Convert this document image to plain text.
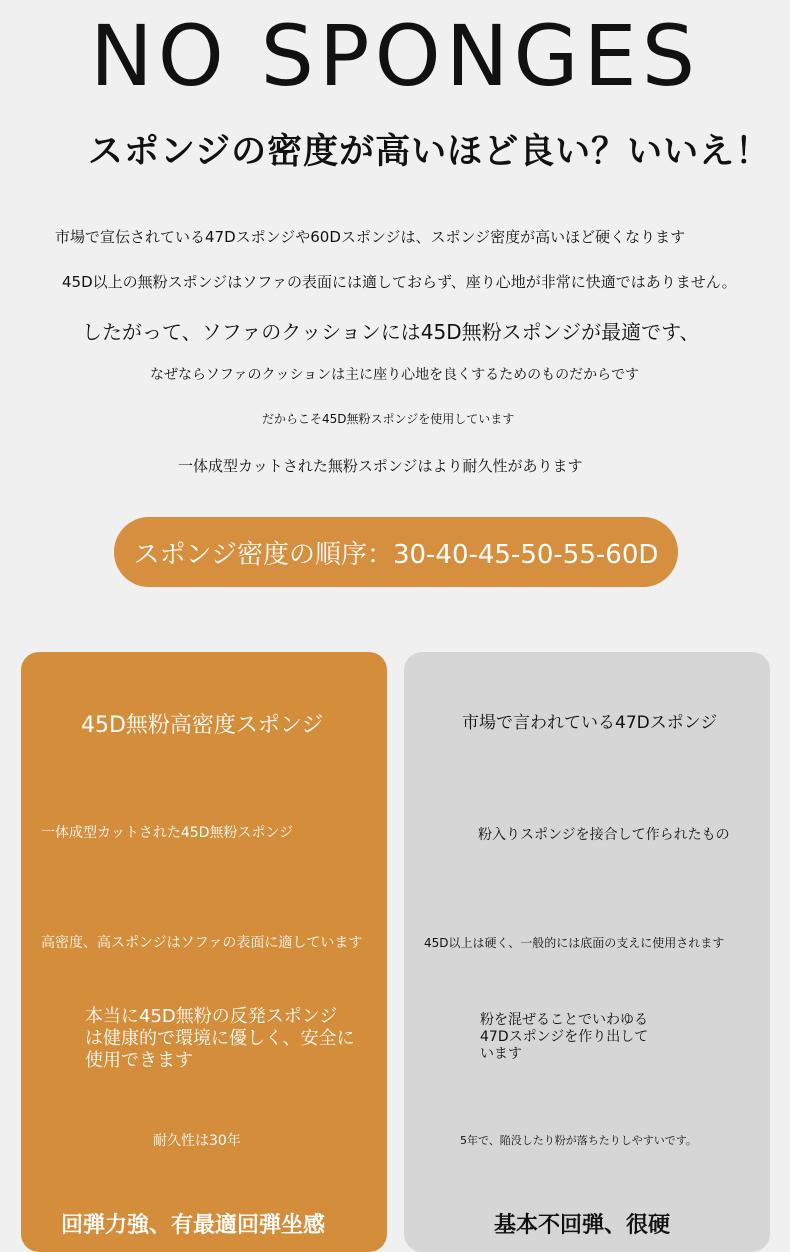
NO SPONGES
スポンジの密度が高いほど良い？いいえ！
市場で宣伝されている47Dスポンジや60Dスポンジは、スポンジ密度が高いほど硬くなります
45D以上の無粉スポンジはソファの表面には適しておらず、座り心地が非常に快適ではありません。
したがって、ソファのクッションには45D無粉スポンジが最適です、
なぜならソファのクッションは主に座り心地を良くするためのものだからです
だからこそ45D無粉スポンジを使用しています
一体成型カットされた無粉スポンジはより耐久性があります
スポンジ密度の順序：30-40-45-50-55-60D
45D無粉高密度スポンジ
一体成型カットされた45D無粉スポンジ
高密度、高スポンジはソファの表面に適しています
本当に45D無粉の反発スポンジは健康的で環境に優しく、安全に使用できます
耐久性は30年
回弾力強、有最適回弾坐感
市場で言われている47Dスポンジ
粉入りスポンジを接合して作られたもの
45D以上は硬く、一般的には底面の支えに使用されます
粉を混ぜることでいわゆる47Dスポンジを作り出しています
5年で、陥没したり粉が落ちたりしやすいです。
基本不回弾、很硬
